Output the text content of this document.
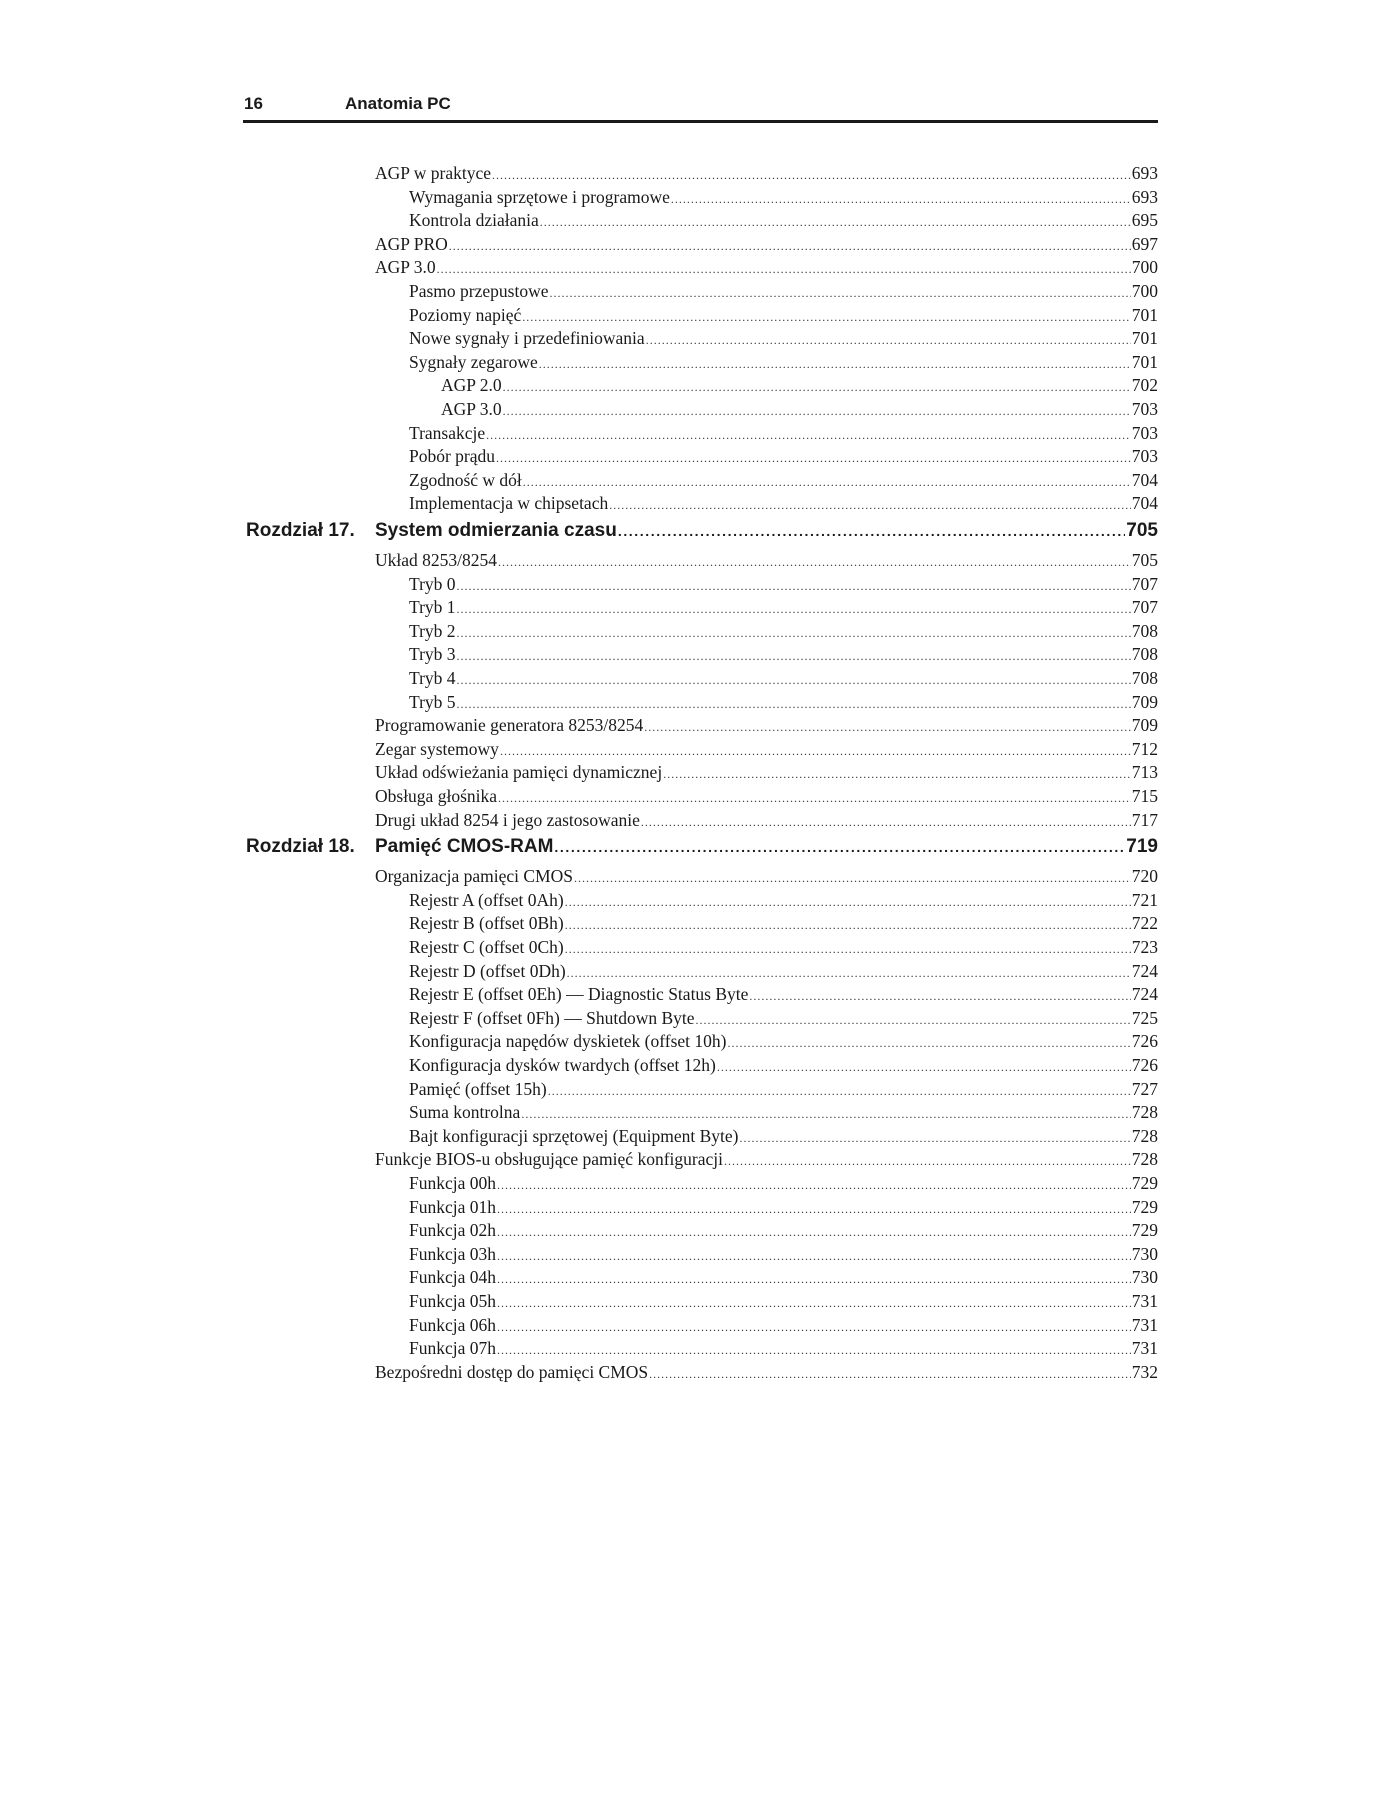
16	Anatomia PC
AGP w praktyce .....	693
Wymagania sprzętowe i programowe .....	693
Kontrola działania .....	695
AGP PRO .....	697
AGP 3.0 .....	700
Pasmo przepustowe .....	700
Poziomy napięć .....	701
Nowe sygnały i przedefiniowania .....	701
Sygnały zegarowe .....	701
AGP 2.0 .....	702
AGP 3.0 .....	703
Transakcje .....	703
Pobór prądu .....	703
Zgodność w dół .....	704
Implementacja w chipsetach .....	704
Rozdział 17.	System odmierzania czasu .....	705
Układ 8253/8254 .....	705
Tryb 0 .....	707
Tryb 1 .....	707
Tryb 2 .....	708
Tryb 3 .....	708
Tryb 4 .....	708
Tryb 5 .....	709
Programowanie generatora 8253/8254 .....	709
Zegar systemowy .....	712
Układ odświeżania pamięci dynamicznej .....	713
Obsługa głośnika .....	715
Drugi układ 8254 i jego zastosowanie .....	717
Rozdział 18.	Pamięć CMOS-RAM .....	719
Organizacja pamięci CMOS .....	720
Rejestr A (offset 0Ah) .....	721
Rejestr B (offset 0Bh) .....	722
Rejestr C (offset 0Ch) .....	723
Rejestr D (offset 0Dh) .....	724
Rejestr E (offset 0Eh) — Diagnostic Status Byte .....	724
Rejestr F (offset 0Fh) — Shutdown Byte .....	725
Konfiguracja napędów dyskietek (offset 10h) .....	726
Konfiguracja dysków twardych (offset 12h) .....	726
Pamięć (offset 15h) .....	727
Suma kontrolna .....	728
Bajt konfiguracji sprzętowej (Equipment Byte) .....	728
Funkcje BIOS-u obsługujące pamięć konfiguracji .....	728
Funkcja 00h .....	729
Funkcja 01h .....	729
Funkcja 02h .....	729
Funkcja 03h .....	730
Funkcja 04h .....	730
Funkcja 05h .....	731
Funkcja 06h .....	731
Funkcja 07h .....	731
Bezpośredni dostęp do pamięci CMOS .....	732
